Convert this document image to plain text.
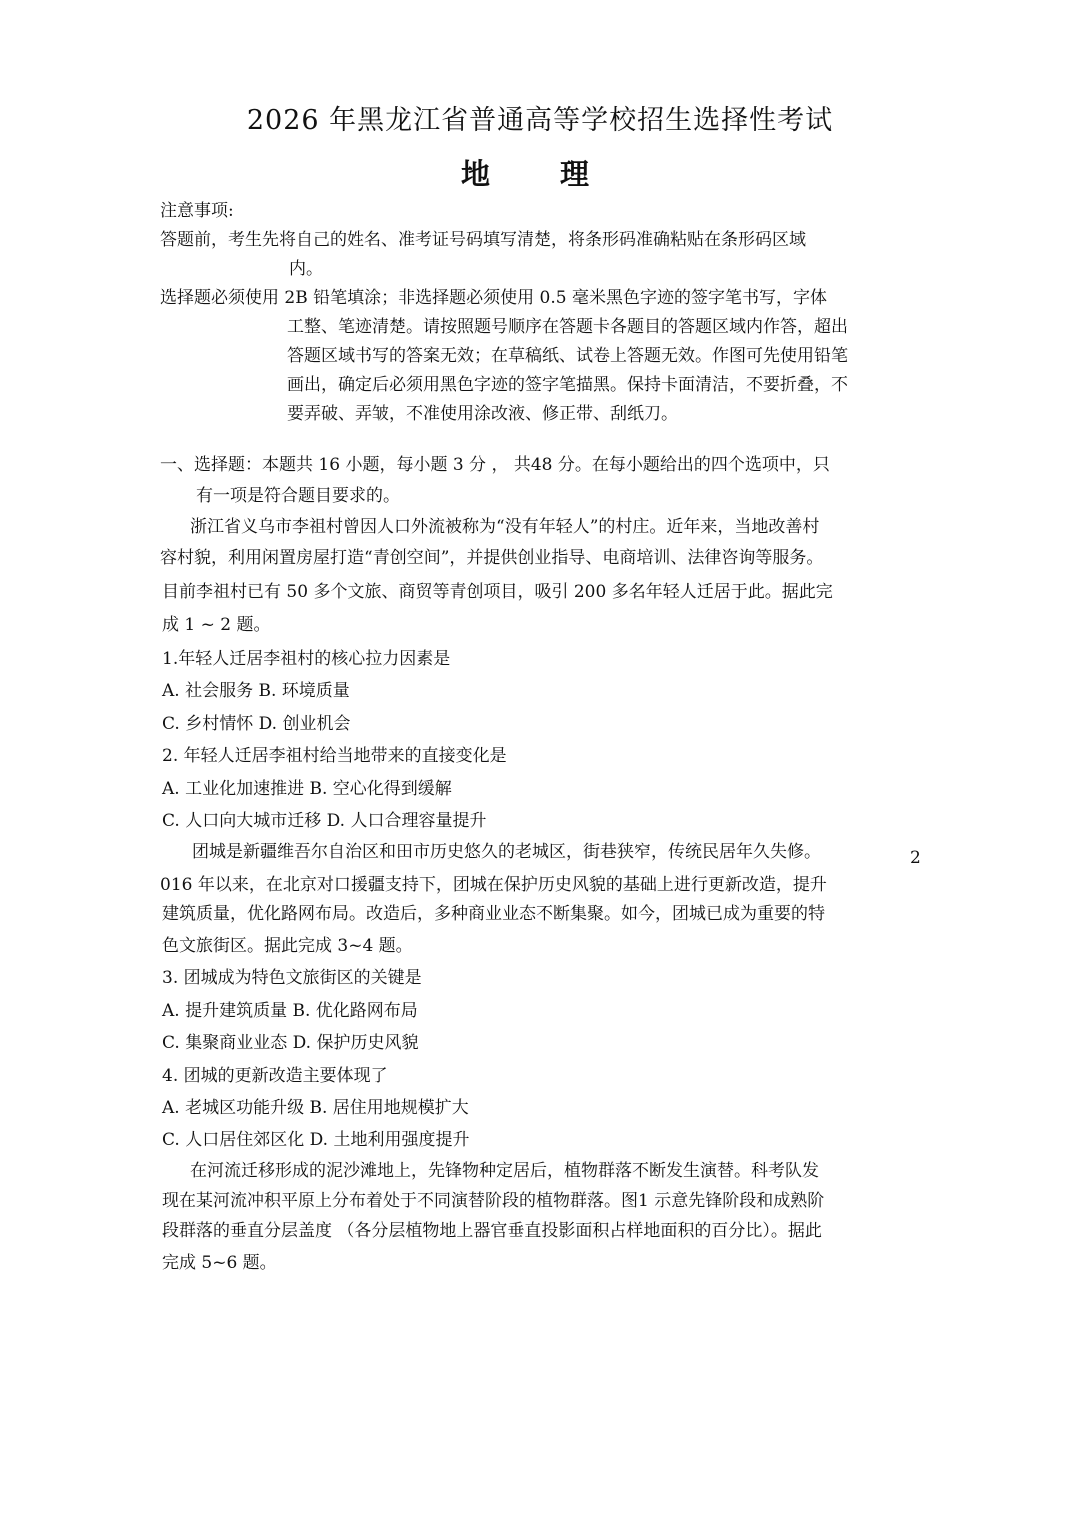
2026 年黑龙江省普通高等学校招生选择性考试
地 理
注意事项:
答题前，考生先将自己的姓名、准考证号码填写清楚，将条形码准确粘贴在条形码区域
内。
选择题必须使用 2B 铅笔填涂；非选择题必须使用 0.5 毫米黑色字迹的签字笔书写，字体
工整、笔迹清楚。请按照题号顺序在答题卡各题目的答题区域内作答，超出
答题区域书写的答案无效；在草稿纸、试卷上答题无效。作图可先使用铅笔
画出，确定后必须用黑色字迹的签字笔描黑。保持卡面清洁，不要折叠，不
要弄破、弄皱，不准使用涂改液、修正带、刮纸刀。
一、选择题：本题共 16 小题，每小题 3 分 ， 共48 分。在每小题给出的四个选项中，只
有一项是符合题目要求的。
浙江省义乌市李祖村曾因人口外流被称为“没有年轻人”的村庄。近年来，当地改善村
容村貌，利用闲置房屋打造“青创空间”，并提供创业指导、电商培训、法律咨询等服务。
目前李祖村已有 50 多个文旅、商贸等青创项目，吸引 200 多名年轻人迁居于此。据此完
成 1 ~ 2 题。
1.年轻人迁居李祖村的核心拉力因素是
A. 社会服务 B. 环境质量
C. 乡村情怀 D. 创业机会
2. 年轻人迁居李祖村给当地带来的直接变化是
A. 工业化加速推进 B. 空心化得到缓解
C. 人口向大城市迁移 D. 人口合理容量提升
团城是新疆维吾尔自治区和田市历史悠久的老城区，街巷狭窄，传统民居年久失修。	2
016 年以来，在北京对口援疆支持下，团城在保护历史风貌的基础上进行更新改造，提升
建筑质量，优化路网布局。改造后，多种商业业态不断集聚。如今，团城已成为重要的特
色文旅街区。据此完成 3~4 题。
3. 团城成为特色文旅街区的关键是
A. 提升建筑质量 B. 优化路网布局
C. 集聚商业业态 D. 保护历史风貌
4. 团城的更新改造主要体现了
A. 老城区功能升级 B. 居住用地规模扩大
C. 人口居住郊区化 D. 土地利用强度提升
在河流迁移形成的泥沙滩地上，先锋物种定居后，植物群落不断发生演替。科考队发
现在某河流冲积平原上分布着处于不同演替阶段的植物群落。图1 示意先锋阶段和成熟阶
段群落的垂直分层盖度 （各分层植物地上器官垂直投影面积占样地面积的百分比）。据此
完成 5~6 题。
